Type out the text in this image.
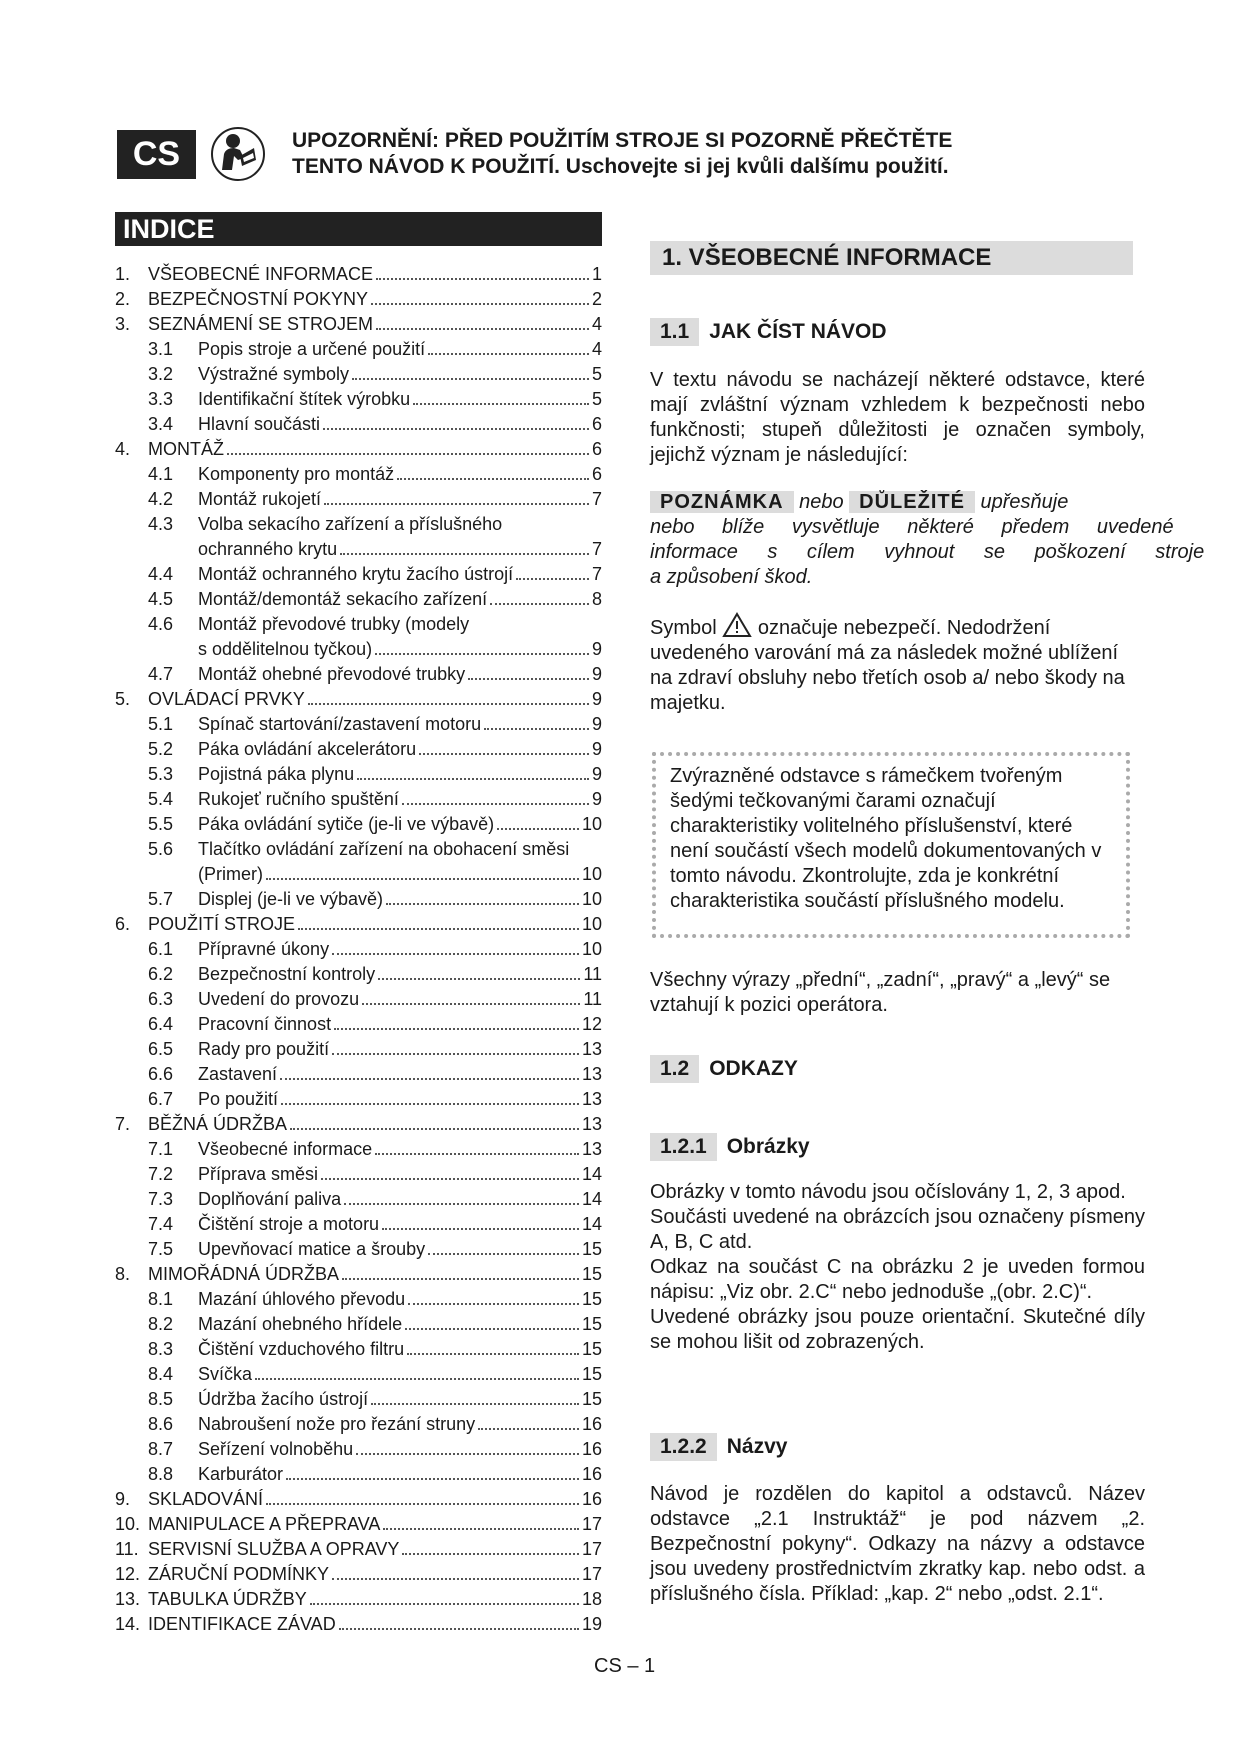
CS	UPOZORNĚNÍ: PŘED POUŽITÍM STROJE SI POZORNĚ PŘEČTĚTE
TENTO NÁVOD K POUŽITÍ. Uschovejte si jej kvůli dalšímu použití.
INDICE
1. VŠEOBECNÉ INFORMACE	1
2. BEZPEČNOSTNÍ POKYNY	2
3. SEZNÁMENÍ SE STROJEM	4
3.1	Popis stroje a určené použití	4
3.2	Výstražné symboly	5
3.3	Identifikační štítek výrobku	5
3.4	Hlavní součásti	6
4. MONTÁŽ	6
4.1	Komponenty pro montáž	6
4.2	Montáž rukojetí	7
4.3	Volba sekacího zařízení a příslušného
ochranného krytu	7
4.4	Montáž ochranného krytu žacího ústrojí	7
4.5	Montáž/demontáž sekacího zařízení	8
4.6	Montáž převodové trubky (modely
s oddělitelnou tyčkou)	9
4.7	Montáž ohebné převodové trubky	9
5. OVLÁDACÍ PRVKY	9
5.1	Spínač startování/zastavení motoru	9
5.2	Páka ovládání akcelerátoru	9
5.3	Pojistná páka plynu	9
5.4	Rukojeť ručního spuštění	9
5.5	Páka ovládání sytiče (je-li ve výbavě)	10
5.6	Tlačítko ovládání zařízení na obohacení směsi
(Primer)	10
5.7	Displej (je-li ve výbavě)	10
6. POUŽITÍ STROJE	10
6.1	Přípravné úkony	10
6.2	Bezpečnostní kontroly	11
6.3	Uvedení do provozu	11
6.4	Pracovní činnost	12
6.5	Rady pro použití	13
6.6	Zastavení	13
6.7	Po použití	13
7. BĚŽNÁ ÚDRŽBA	13
7.1	Všeobecné informace	13
7.2	Příprava směsi	14
7.3	Doplňování paliva	14
7.4	Čištění stroje a motoru	14
7.5	Upevňovací matice a šrouby	15
8. MIMOŘÁDNÁ ÚDRŽBA	15
8.1	Mazání úhlového převodu	15
8.2	Mazání ohebného hřídele	15
8.3	Čištění vzduchového filtru	15
8.4	Svíčka	15
8.5	Údržba žacího ústrojí	15
8.6	Nabroušení nože pro řezání struny	16
8.7	Seřízení volnoběhu	16
8.8	Karburátor	16
9. SKLADOVÁNÍ	16
10. MANIPULACE A PŘEPRAVA	17
11. SERVISNÍ SLUŽBA A OPRAVY	17
12. ZÁRUČNÍ PODMÍNKY	17
13. TABULKA ÚDRŽBY	18
14. IDENTIFIKACE ZÁVAD	19
1. VŠEOBECNÉ INFORMACE
1.1 JAK ČÍST NÁVOD
V textu návodu se nacházejí některé odstavce, které mají zvláštní význam vzhledem k bezpečnosti nebo funkčnosti; stupeň důležitosti je označen symboly, jejichž význam je následující:
POZNÁMKA nebo DŮLEŽITÉ upřesňuje
nebo blíže vysvětluje některé předem uvedené
informace s cílem vyhnout se poškození stroje
a způsobení škod.
Symbol označuje nebezpečí. Nedodržení uvedeného varování má za následek možné ublížení na zdraví obsluhy nebo třetích osob a/ nebo škody na majetku.
Zvýrazněné odstavce s rámečkem tvořeným šedými tečkovanými čarami označují charakteristiky volitelného příslušenství, které není součástí všech modelů dokumentovaných v tomto návodu. Zkontrolujte, zda je konkrétní charakteristika součástí příslušného modelu.
Všechny výrazy „přední“, „zadní“, „pravý“ a „levý“ se vztahují k pozici operátora.
1.2 ODKAZY
1.2.1 Obrázky
Obrázky v tomto návodu jsou očíslovány 1, 2, 3 apod.
Součásti uvedené na obrázcích jsou označeny písmeny A, B, C atd.
Odkaz na součást C na obrázku 2 je uveden formou nápisu: „Viz obr. 2.C“ nebo jednoduše „(obr. 2.C)“.
Uvedené obrázky jsou pouze orientační. Skutečné díly se mohou lišit od zobrazených.
1.2.2 Názvy
Návod je rozdělen do kapitol a odstavců. Název odstavce „2.1 Instruktáž“ je pod názvem „2. Bezpečnostní pokyny“. Odkazy na názvy a odstavce jsou uvedeny prostřednictvím zkratky kap. nebo odst. a příslušného čísla. Příklad: „kap. 2“ nebo „odst. 2.1“.
CS – 1
